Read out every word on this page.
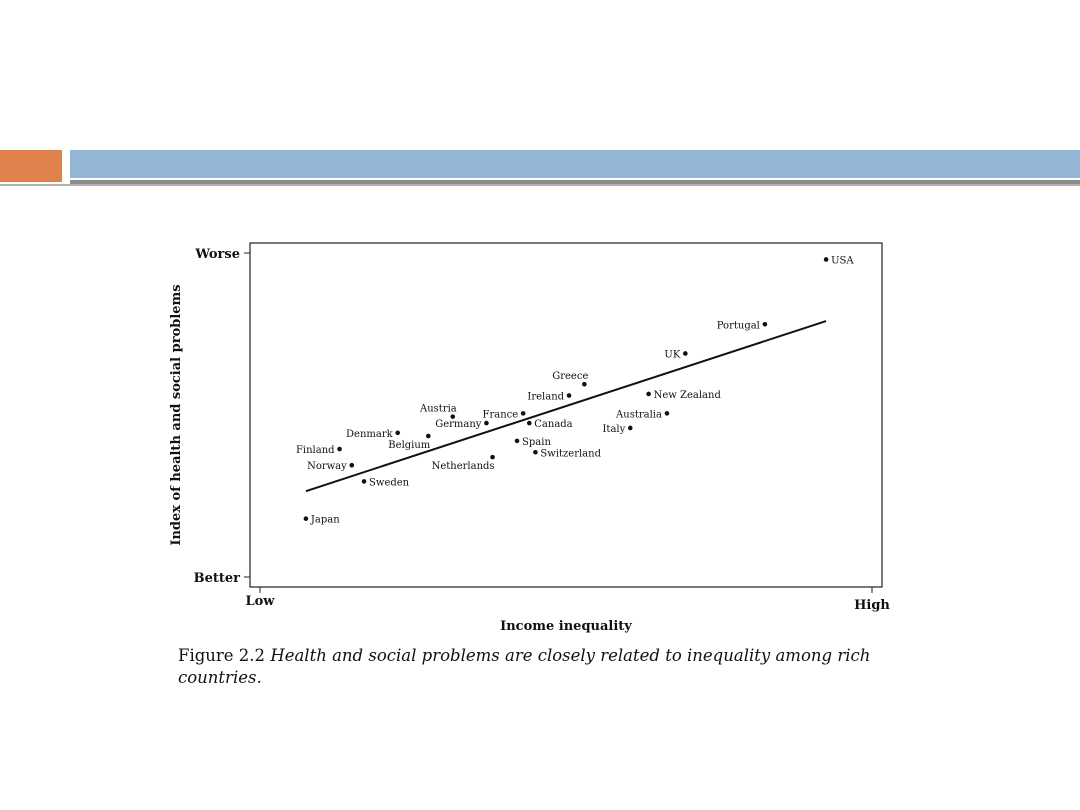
Worse
Better
Low	High
Income inequality
Index of health and social problems
USA
Portugal
UK
Greece
New Zealand
Ireland
Austria
France	Australia
Germany	Canada	Italy
Denmark
Belgium	Spain
Finland	Switzerland
Netherlands
Norway
Sweden
Japan
Figure 2.2 Health and social problems are closely related to inequality among rich countries.
